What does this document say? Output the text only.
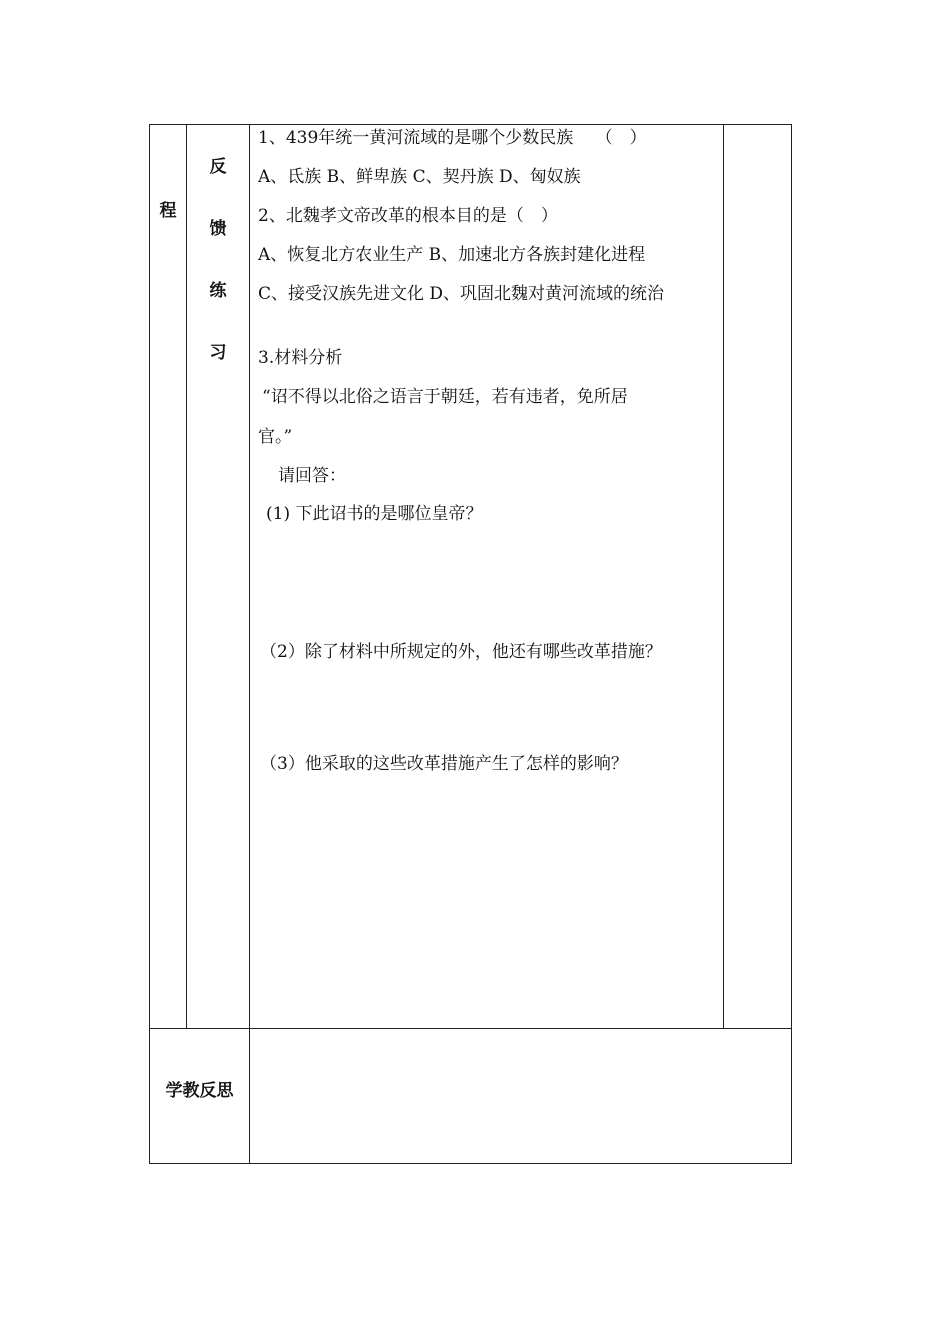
程
反
馈
练
习
学教反思
1、439年统一黄河流域的是哪个少数民族　 （　）
A、氐族 B、鲜卑族 C、契丹族 D、匈奴族
2、北魏孝文帝改革的根本目的是（　）
A、恢复北方农业生产 B、加速北方各族封建化进程
C、接受汉族先进文化 D、巩固北魏对黄河流域的统治
3.材料分析
“诏不得以北俗之语言于朝廷，若有违者，免所居
官。”
请回答：
(1) 下此诏书的是哪位皇帝？
（2）除了材料中所规定的外，他还有哪些改革措施？
（3）他采取的这些改革措施产生了怎样的影响？
